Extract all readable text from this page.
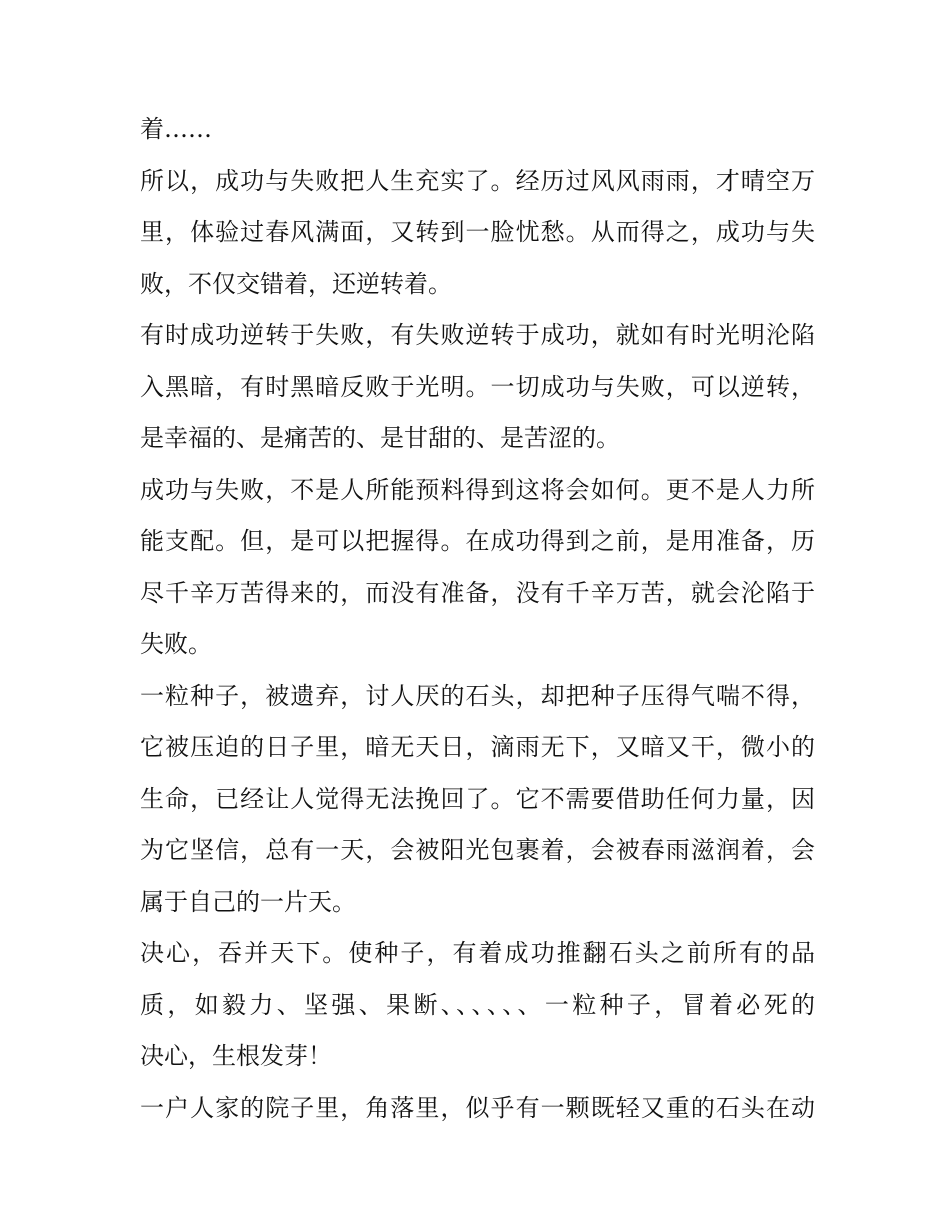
着……
所以，成功与失败把人生充实了。经历过风风雨雨，才晴空万
里，体验过春风满面，又转到一脸忧愁。从而得之，成功与失
败，不仅交错着，还逆转着。
有时成功逆转于失败，有失败逆转于成功，就如有时光明沦陷
入黑暗，有时黑暗反败于光明。一切成功与失败，可以逆转，
是幸福的、是痛苦的、是甘甜的、是苦涩的。
成功与失败，不是人所能预料得到这将会如何。更不是人力所
能支配。但，是可以把握得。在成功得到之前，是用准备，历
尽千辛万苦得来的，而没有准备，没有千辛万苦，就会沦陷于
失败。
一粒种子，被遗弃，讨人厌的石头，却把种子压得气喘不得，
它被压迫的日子里，暗无天日，滴雨无下，又暗又干，微小的
生命，已经让人觉得无法挽回了。它不需要借助任何力量，因
为它坚信，总有一天，会被阳光包裹着，会被春雨滋润着，会
属于自己的一片天。
决心，吞并天下。使种子，有着成功推翻石头之前所有的品
质，如毅力、坚强、果断、、、、、、一粒种子，冒着必死的
决心，生根发芽！
一户人家的院子里，角落里，似乎有一颗既轻又重的石头在动
